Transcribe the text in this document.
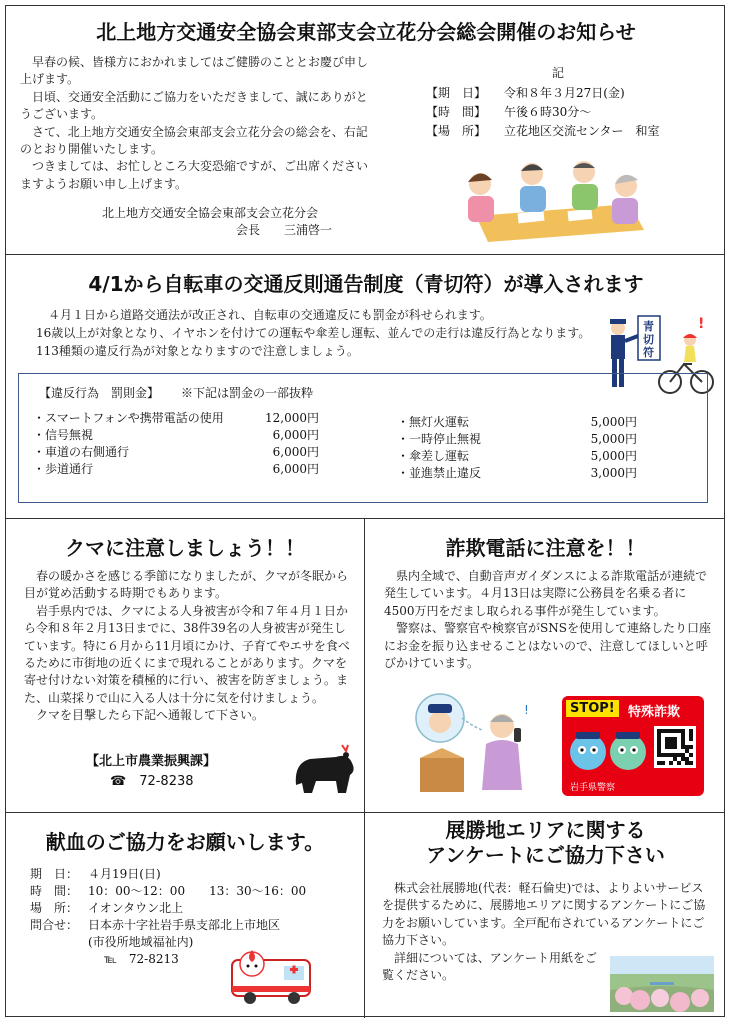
北上地方交通安全協会東部支会立花分会総会開催のお知らせ

早春の候、皆様方におかれましてはご健勝のこととお慶び申し上げます。

日頃、交通安全活動にご協力をいただきまして、誠にありがとうございます。

さて、北上地方交通安全協会東部支会立花分会の総会を、右記のとおり開催いたします。

つきましては、お忙しところ大変恐縮ですが、ご出席くださいますようお願い申し上げます。

北上地方交通安全協会東部支会立花分会
会長　　三浦啓一
記
【期　日】	令和８年３月27日(金)
【時　間】	午後６時30分～
【場　所】	立花地区交流センター　和室
4/1から自転車の交通反則通告制度（青切符）が導入されます

４月１日から道路交通法が改正され、自転車の交通違反にも罰金が科せられます。

16歳以上が対象となり、イヤホンを付けての運転や傘差し運転、並んでの走行は違反行為となります。113種類の違反行為が対象となりますので注意しましょう。

!
青切符
【違反行為　罰則金】 ※下記は罰金の一部抜粋
・スマートフォンや携帯電話の使用	12,000円
・信号無視	6,000円
・車道の右側通行	6,000円
・歩道通行	6,000円
・無灯火運転	5,000円
・一時停止無視	5,000円
・傘差し運転	5,000円
・並進禁止違反	3,000円
クマに注意しましょう！！

春の暖かさを感じる季節になりましたが、クマが冬眠から目が覚め活動する時期でもあります。

岩手県内では、クマによる人身被害が令和７年４月１日から令和８年２月13日までに、38件39名の人身被害が発生しています。特に６月から11月頃にかけ、子育てやエサを食べるために市街地の近くにまで現れることがあります。クマを寄せ付けない対策を積極的に行い、被害を防ぎましょう。また、山菜採りで山に入る人は十分に気を付けましょう。

クマを目撃したら下記へ通報して下さい。

【北上市農業振興課】
☎　72-8238
詐欺電話に注意を！！

県内全域で、自動音声ガイダンスによる詐欺電話が連続で発生しています。４月13日は実際に公務員を名乗る者に4500万円をだまし取られる事件が発生しています。

警察は、警察官や検察官がSNSを使用して連絡したり口座にお金を振り込ませることはないので、注意してほしいと呼びかけています。

!	STOP!	特殊詐欺
岩手県警察
献血のご協力をお願いします。
期　日： ４月19日(日)
時　間： 10：00～12：00　　13：30～16：00
場　所： イオンタウン北上
問合せ： 日本赤十字社岩手県支部北上市地区
(市役所地域福祉内)
℡　72-8213
展勝地エリアに関する
アンケートにご協力下さい

株式会社展勝地(代表：軽石倫史)では、よりよいサービスを提供するために、展勝地エリアに関するアンケートにご協力をお願いしています。全戸配布されているアンケートにご協力下さい。

詳細については、アンケート用紙をご覧ください。
